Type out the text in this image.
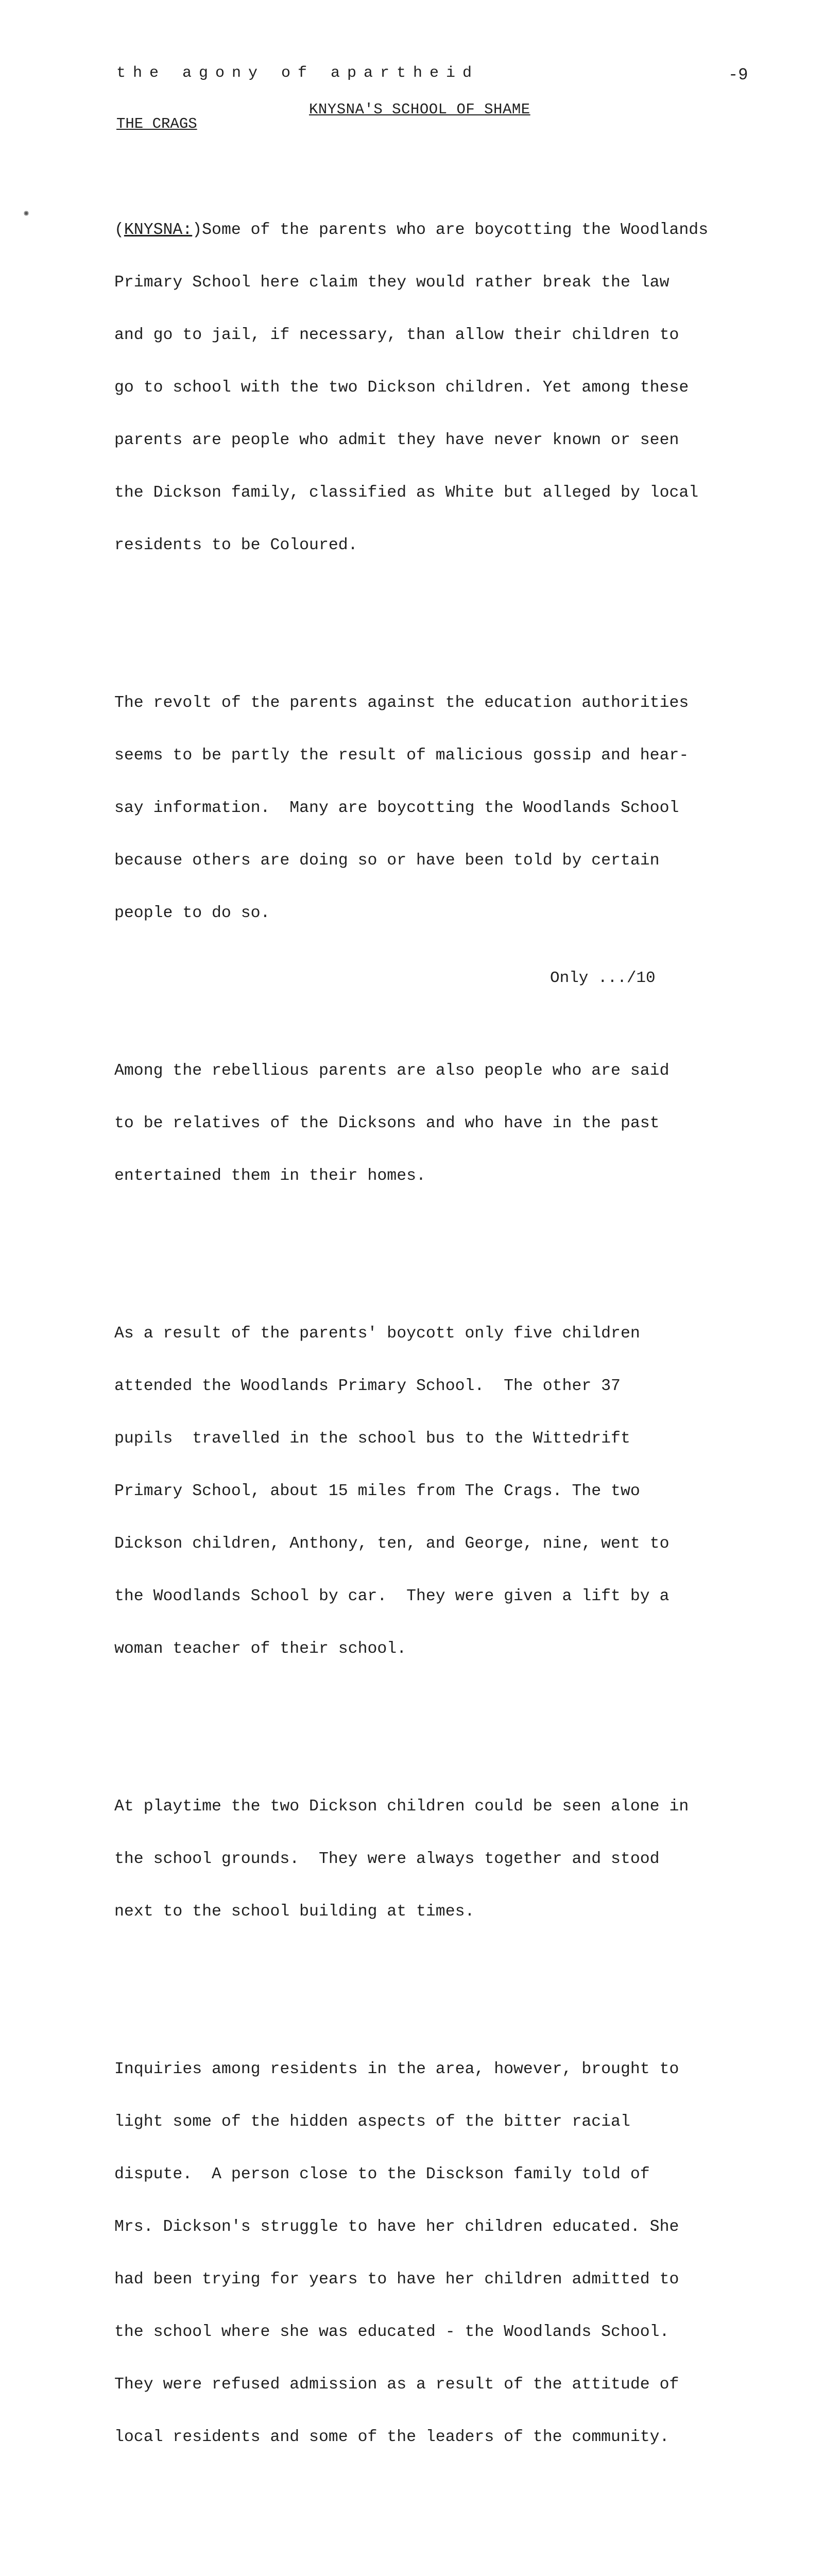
the agony of apartheid	-9
KNYSNA'S SCHOOL OF SHAME
THE CRAGS

(KNYSNA:)Some of the parents who are boycotting the Woodlands

Primary School here claim they would rather break the law

and go to jail, if necessary, than allow their children to

go to school with the two Dickson children. Yet among these

parents are people who admit they have never known or seen

the Dickson family, classified as White but alleged by local

residents to be Coloured.

The revolt of the parents against the education authorities

seems to be partly the result of malicious gossip and hear-

say information.  Many are boycotting the Woodlands School

because others are doing so or have been told by certain

people to do so.

Among the rebellious parents are also people who are said

to be relatives of the Dicksons and who have in the past

entertained them in their homes.

As a result of the parents' boycott only five children

attended the Woodlands Primary School.  The other 37

pupils  travelled in the school bus to the Wittedrift

Primary School, about 15 miles from The Crags. The two

Dickson children, Anthony, ten, and George, nine, went to

the Woodlands School by car.  They were given a lift by a

woman teacher of their school.

At playtime the two Dickson children could be seen alone in

the school grounds.  They were always together and stood

next to the school building at times.

Inquiries among residents in the area, however, brought to

light some of the hidden aspects of the bitter racial

dispute.  A person close to the Disckson family told of

Mrs. Dickson's struggle to have her children educated. She

had been trying for years to have her children admitted to

the school where she was educated - the Woodlands School.

They were refused admission as a result of the attitude of

local residents and some of the leaders of the community.

Only .../10
